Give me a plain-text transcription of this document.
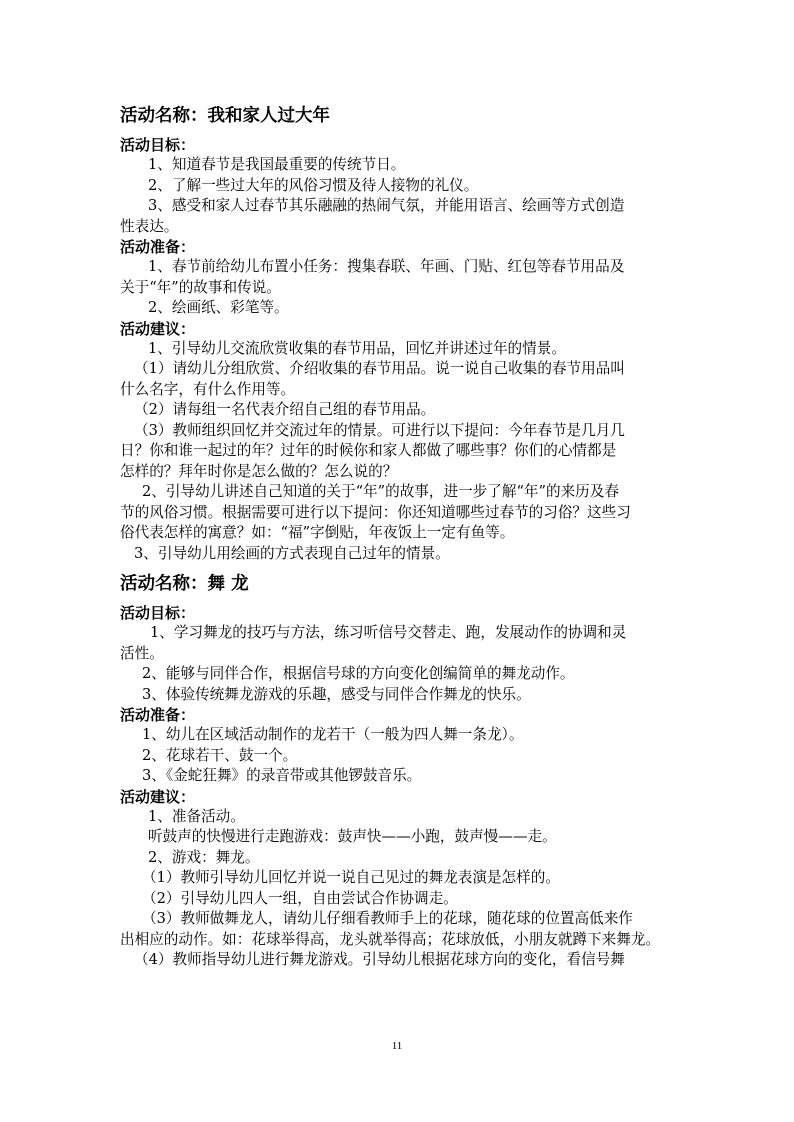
活动名称：我和家人过大年
活动目标：
1、知道春节是我国最重要的传统节日。
2、了解一些过大年的风俗习惯及待人接物的礼仪。
3、感受和家人过春节其乐融融的热闹气氛，并能用语言、绘画等方式创造
性表达。
活动准备：
1、春节前给幼儿布置小任务：搜集春联、年画、门贴、红包等春节用品及
关于“年”的故事和传说。
2、绘画纸、彩笔等。
活动建议：
1、引导幼儿交流欣赏收集的春节用品，回忆并讲述过年的情景。
（1）请幼儿分组欣赏、介绍收集的春节用品。说一说自己收集的春节用品叫
什么名字，有什么作用等。
（2）请每组一名代表介绍自己组的春节用品。
（3）教师组织回忆并交流过年的情景。可进行以下提问：今年春节是几月几
日？你和谁一起过的年？过年的时候你和家人都做了哪些事？你们的心情都是
怎样的？拜年时你是怎么做的？怎么说的？
2、引导幼儿讲述自己知道的关于“年”的故事，进一步了解“年”的来历及春
节的风俗习惯。根据需要可进行以下提问：你还知道哪些过春节的习俗？这些习
俗代表怎样的寓意？如：“福”字倒贴，年夜饭上一定有鱼等。
3、引导幼儿用绘画的方式表现自己过年的情景。
活动名称：舞 龙
活动目标：
1、学习舞龙的技巧与方法，练习听信号交替走、跑，发展动作的协调和灵
活性。
2、能够与同伴合作，根据信号球的方向变化创编简单的舞龙动作。
3、体验传统舞龙游戏的乐趣，感受与同伴合作舞龙的快乐。
活动准备：
1、幼儿在区域活动制作的龙若干（一般为四人舞一条龙）。
2、花球若干、鼓一个。
3、《金蛇狂舞》的录音带或其他锣鼓音乐。
活动建议：
1、准备活动。
听鼓声的快慢进行走跑游戏：鼓声快——小跑，鼓声慢——走。
2、游戏：舞龙。
（1）教师引导幼儿回忆并说一说自己见过的舞龙表演是怎样的。
（2）引导幼儿四人一组，自由尝试合作协调走。
（3）教师做舞龙人，请幼儿仔细看教师手上的花球，随花球的位置高低来作
出相应的动作。如：花球举得高，龙头就举得高；花球放低，小朋友就蹲下来舞龙。
（4）教师指导幼儿进行舞龙游戏。引导幼儿根据花球方向的变化，看信号舞
11
